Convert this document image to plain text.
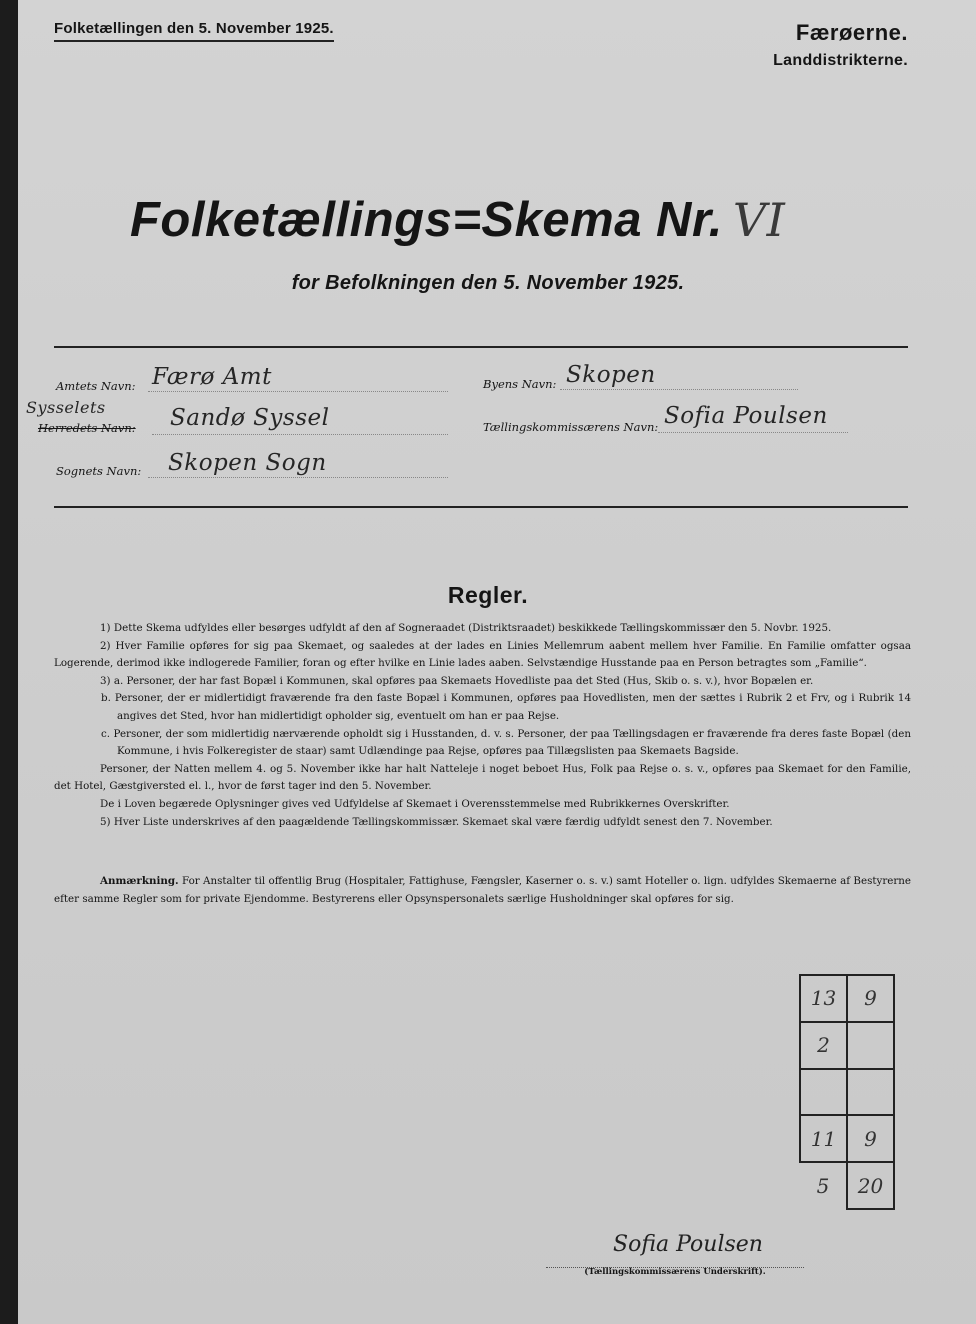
Folketællingen den 5. November 1925.	Færøerne.
Landdistrikterne.
Folketællings=Skema Nr. VI
for Befolkningen den 5. November 1925.
Amtets Navn: Færø Amt
Sysselets
Herredets Navn: Sandø Syssel
Sognets Navn: Skopen Sogn
Byens Navn: Skopen
Tællingskommissærens Navn: Sofia Poulsen
Regler.

1) Dette Skema udfyldes eller besørges udfyldt af den af Sogneraadet (Distriktsraadet) beskikkede Tællingskommissær den 5. Novbr. 1925.

2) Hver Familie opføres for sig paa Skemaet, og saaledes at der lades en Linies Mellemrum aabent mellem hver Familie. En Familie omfatter ogsaa Logerende, derimod ikke indlogerede Familier, foran og efter hvilke en Linie lades aaben. Selvstændige Husstande paa en Person betragtes som „Familie“.

3) a. Personer, der har fast Bopæl i Kommunen, skal opføres paa Skemaets Hovedliste paa det Sted (Hus, Skib o. s. v.), hvor Bopælen er.

b. Personer, der er midlertidigt fraværende fra den faste Bopæl i Kommunen, opføres paa Hovedlisten, men der sættes i Rubrik 2 et Frv, og i Rubrik 14 angives det Sted, hvor han midlertidigt opholder sig, eventuelt om han er paa Rejse.

c. Personer, der som midlertidig nærværende opholdt sig i Husstanden, d. v. s. Personer, der paa Tællingsdagen er fraværende fra deres faste Bopæl (den Kommune, i hvis Folkeregister de staar) samt Udlændinge paa Rejse, opføres paa Tillægslisten paa Skemaets Bagside.

Personer, der Natten mellem 4. og 5. November ikke har halt Natteleje i noget beboet Hus, Folk paa Rejse o. s. v., opføres paa Skemaet for den Familie, det Hotel, Gæstgiversted el. l., hvor de først tager ind den 5. November.

De i Loven begærede Oplysninger gives ved Udfyldelse af Skemaet i Overensstemmelse med Rubrikkernes Overskrifter.

5) Hver Liste underskrives af den paagældende Tællingskommissær. Skemaet skal være færdig udfyldt senest den 7. November.

Anmærkning. For Anstalter til offentlig Brug (Hospitaler, Fattighuse, Fængsler, Kaserner o. s. v.) samt Hoteller o. lign. udfyldes Skemaerne af Bestyrerne efter samme Regler som for private Ejendomme. Bestyrerens eller Opsynspersonalets særlige Husholdninger skal opføres for sig.
13	9
2	

11	9
5	20
Sofia Poulsen
(Tællingskommissærens Underskrift).
